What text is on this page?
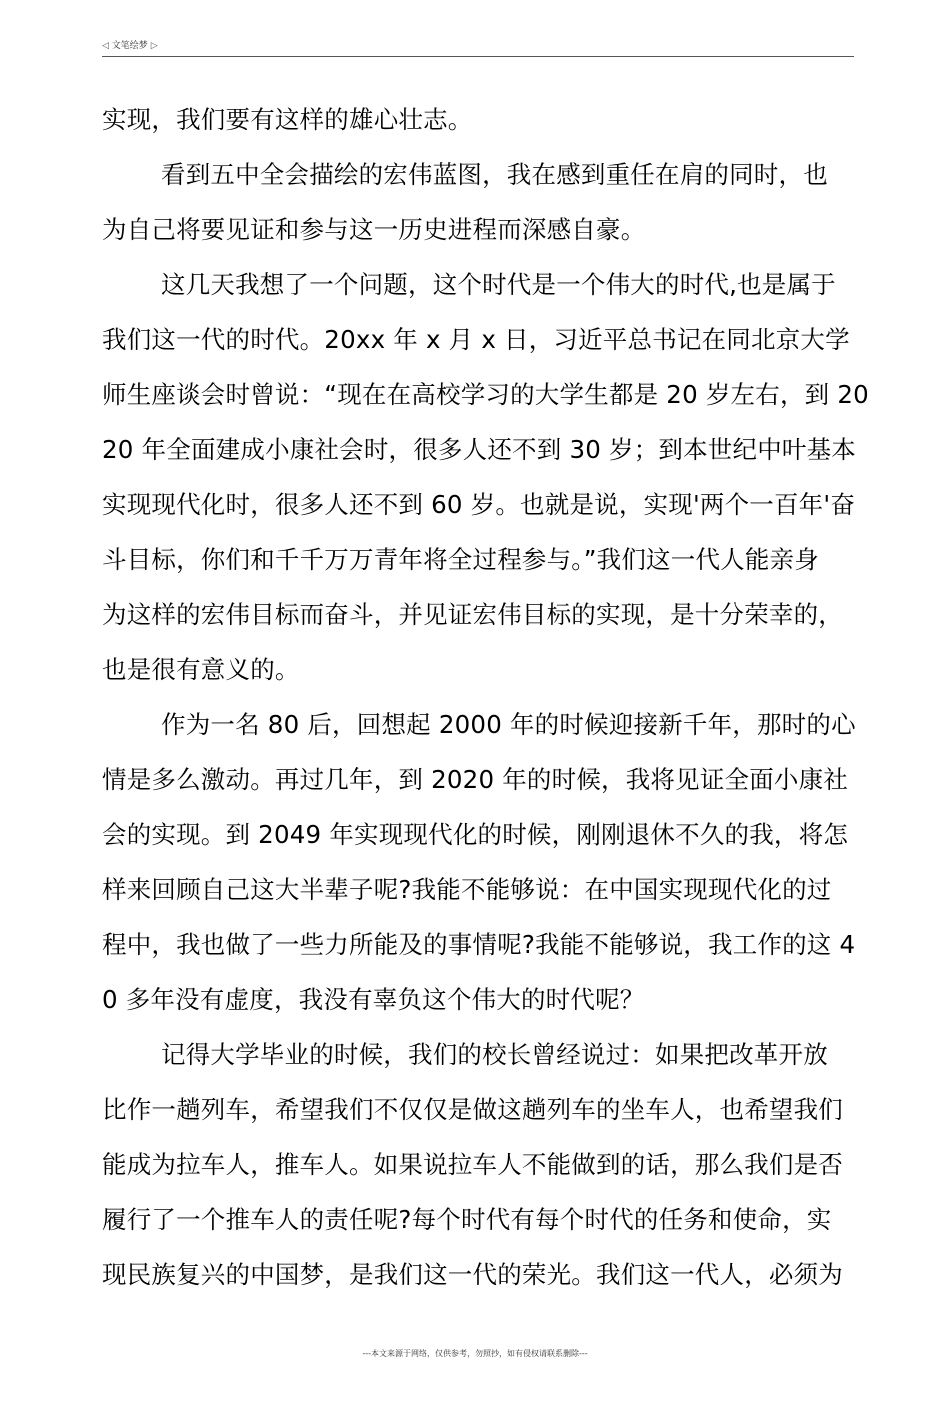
◁ 文笔绘梦 ▷
实现，我们要有这样的雄心壮志。
看到五中全会描绘的宏伟蓝图，我在感到重任在肩的同时，也
为自己将要见证和参与这一历史进程而深感自豪。
这几天我想了一个问题，这个时代是一个伟大的时代,也是属于
我们这一代的时代。20xx 年 x 月 x 日，习近平总书记在同北京大学
师生座谈会时曾说：“现在在高校学习的大学生都是 20 岁左右，到 20
20 年全面建成小康社会时，很多人还不到 30 岁；到本世纪中叶基本
实现现代化时，很多人还不到 60 岁。也就是说，实现'两个一百年'奋
斗目标，你们和千千万万青年将全过程参与。”我们这一代人能亲身
为这样的宏伟目标而奋斗，并见证宏伟目标的实现，是十分荣幸的，
也是很有意义的。
作为一名 80 后，回想起 2000 年的时候迎接新千年，那时的心
情是多么激动。再过几年，到 2020 年的时候，我将见证全面小康社
会的实现。到 2049 年实现现代化的时候，刚刚退休不久的我，将怎
样来回顾自己这大半辈子呢?我能不能够说：在中国实现现代化的过
程中，我也做了一些力所能及的事情呢?我能不能够说，我工作的这 4
0 多年没有虚度，我没有辜负这个伟大的时代呢？
记得大学毕业的时候，我们的校长曾经说过：如果把改革开放
比作一趟列车，希望我们不仅仅是做这趟列车的坐车人，也希望我们
能成为拉车人，推车人。如果说拉车人不能做到的话，那么我们是否
履行了一个推车人的责任呢?每个时代有每个时代的任务和使命，实
现民族复兴的中国梦，是我们这一代的荣光。我们这一代人，必须为
---本文来源于网络，仅供参考，勿照抄，如有侵权请联系删除---
